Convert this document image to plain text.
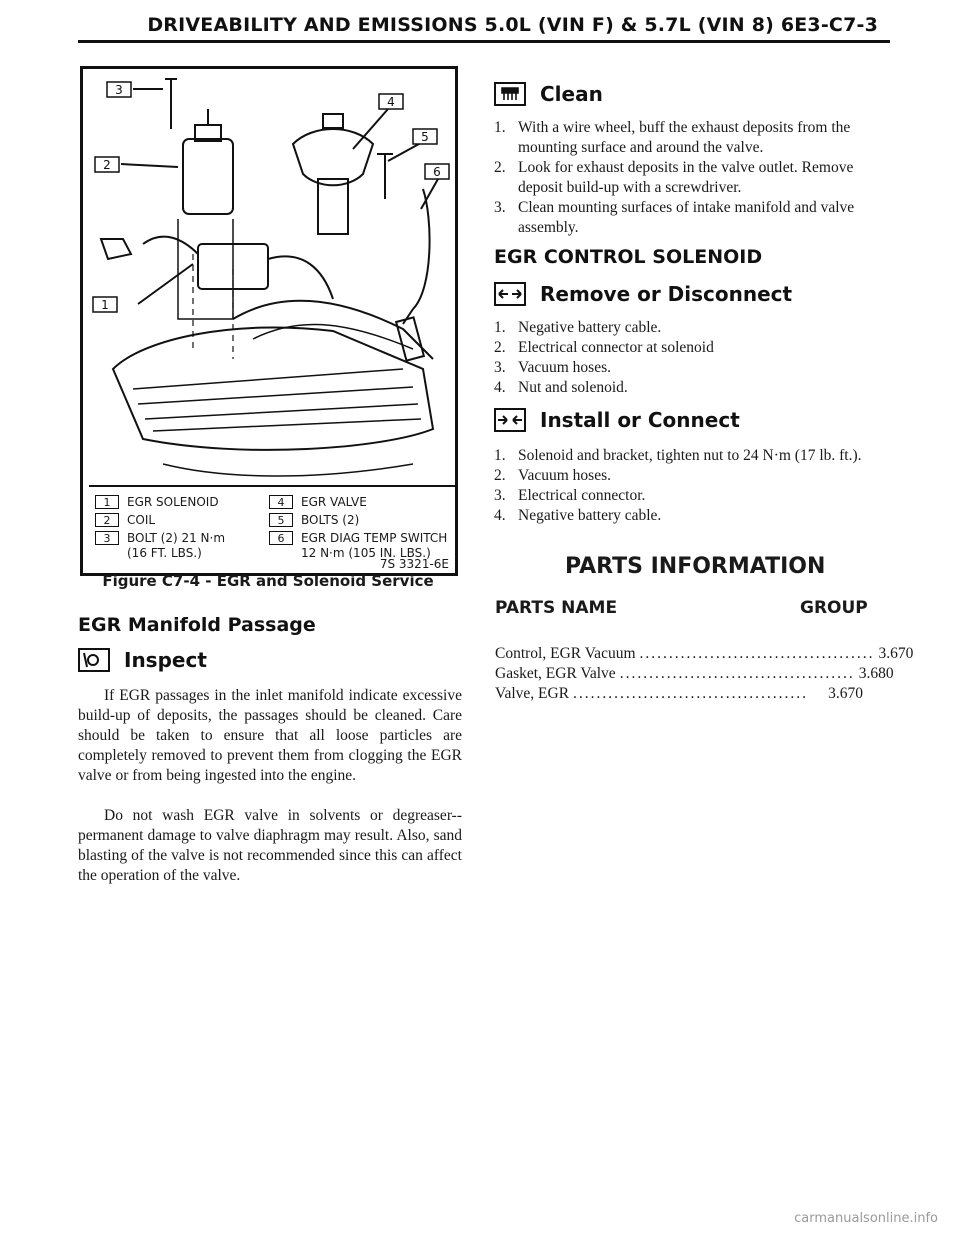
DRIVEABILITY AND EMISSIONS 5.0L (VIN F) & 5.7L (VIN 8) 6E3-C7-3
3
2
1
4
5
6
1	EGR SOLENOID
2	COIL
3	BOLT (2) 21 N·m
(16 FT. LBS.)
4	EGR VALVE
5	BOLTS (2)
6	EGR DIAG TEMP SWITCH
12 N·m (105 IN. LBS.)
7S 3321-6E
Figure C7-4 - EGR and Solenoid Service
EGR Manifold Passage
Inspect
If EGR passages in the inlet manifold indicate excessive build-up of deposits, the passages should be cleaned. Care should be taken to ensure that all loose particles are completely removed to prevent them from clogging the EGR valve or from being ingested into the engine.
Do not wash EGR valve in solvents or degreaser--permanent damage to valve diaphragm may result. Also, sand blasting of the valve is not recommended since this can affect the operation of the valve.
Clean
1. With a wire wheel, buff the exhaust deposits from the mounting surface and around the valve.
2. Look for exhaust deposits in the valve outlet. Remove deposit build-up with a screwdriver.
3. Clean mounting surfaces of intake manifold and valve assembly.
EGR CONTROL SOLENOID
Remove or Disconnect
1. Negative battery cable.
2. Electrical connector at solenoid
3. Vacuum hoses.
4. Nut and solenoid.
Install or Connect
1. Solenoid and bracket, tighten nut to 24 N·m (17 lb. ft.).
2. Vacuum hoses.
3. Electrical connector.
4. Negative battery cable.
PARTS INFORMATION
PARTS NAME	GROUP
Control, EGR Vacuum ........................................ 3.670
Gasket, EGR Valve ........................................ 3.680
Valve, EGR ........................................	3.670
carmanualsonline.info
